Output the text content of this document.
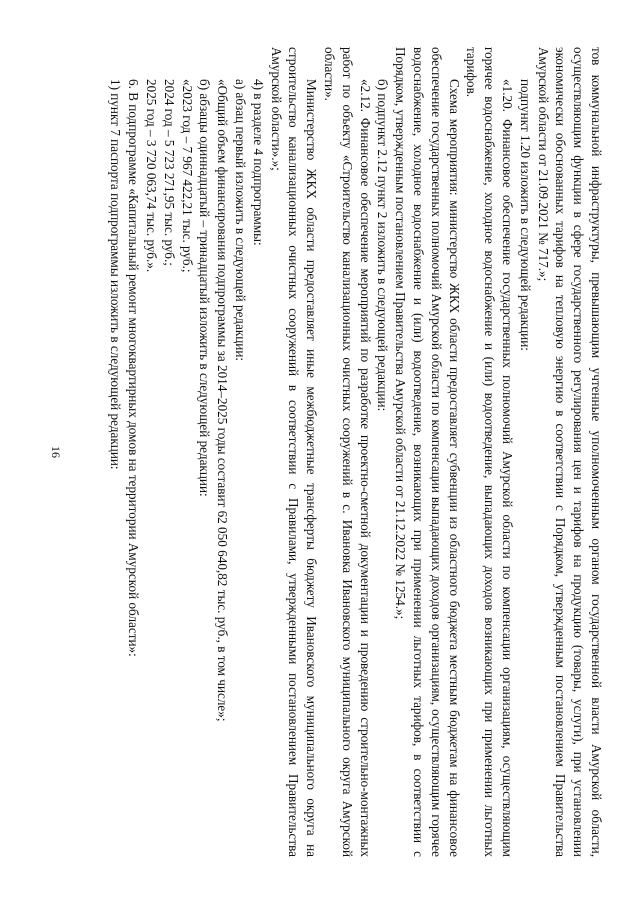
16	тов коммунальной инфраструктуры, превышающим учтенные уполномоченным органом государственной власти Амурской области, осуществляющим функции в сфере государственного регулирования цен и тарифов на продукцию (товары, услуги), при установлении экономически обоснованных тарифов на тепловую энергию в соответствии с Порядком, утвержденным постановлением Правительства Амурской области от 21.09.2021 № 717.»;

подпункт 1.20 изложить в следующей редакции:

«1.20. Финансовое обеспечение государственных полномочий Амурской области по компенсации организациям, осуществляющим горячее водоснабжение, холодное водоснабжение и (или) водоотведение, выпадающих доходов возникающих при применении льготных тарифов.

Схема мероприятия: министерство ЖКХ области предоставляет субвенции из областного бюджета местным бюджетам на финансовое обеспечение государственных полномочий Амурской области по компенсации выпадающих доходов организациям, осуществляющим горячее водоснабжение, холодное водоснабжение и (или) водоотведение, возникающих при применении льготных тарифов, в соответствии с Порядком, утвержденным постановлением Правительства Амурской области от 21.12.2022 № 1254.»;

б) подпункт 2.12 пункт 2 изложить в следующей редакции:

«2.12. Финансовое обеспечение мероприятий по разработке проектно-сметной документации и проведению строительно-монтажных работ по объекту «Строительство канализационных очистных сооружений в с. Ивановка Ивановского муниципального округа Амурской области».

Министерство ЖКХ области предоставляет иные межбюджетные трансферты бюджету Ивановского муниципального округа на строительство канализационных очистных сооружений в соответствии с Правилами, утвержденными постановлением Правительства Амурской области».»;

4) в разделе 4 подпрограммы:

а) абзац первый изложить в следующей редакции:

«Общий объем финансирования подпрограммы за 2014–2025 годы составит 62 050 640,82 тыс. руб., в том числе»;

б) абзацы одиннадцатый – тринадцатый изложить в следующей редакции:

«2023 год – 7 967 422,21 тыс. руб.;

2024 год – 5 723 271,95 тыс. руб.;

2025 год – 3 720 063,74 тыс. руб.».

6. В подпрограмме «Капитальный ремонт многоквартирных домов на территории Амурской области»:

1) пункт 7 паспорта подпрограммы изложить в следующей редакции:
